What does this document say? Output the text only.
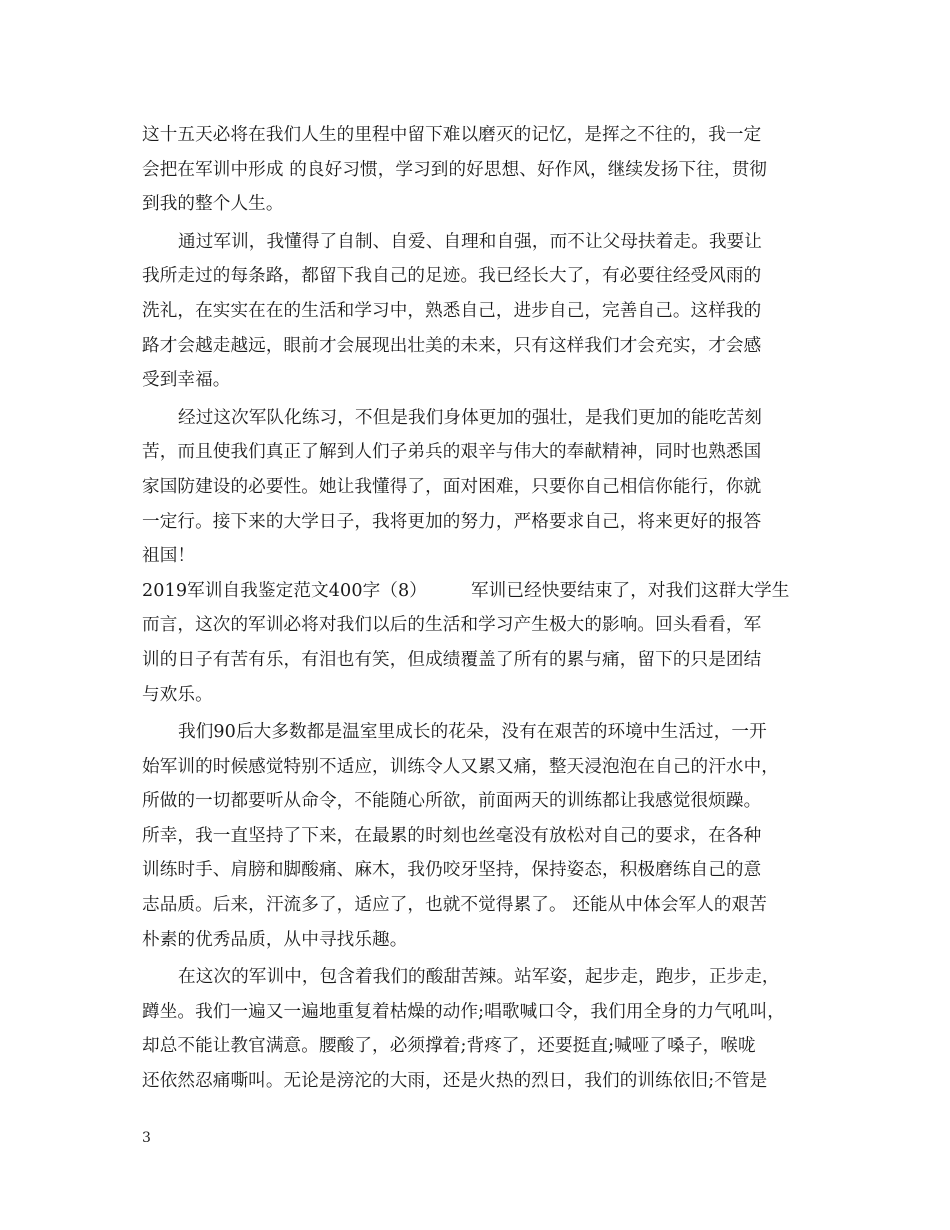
这十五天必将在我们人生的里程中留下难以磨灭的记忆，是挥之不往的，我一定
会把在军训中形成 的良好习惯，学习到的好思想、好作风，继续发扬下往，贯彻
到我的整个人生。
通过军训，我懂得了自制、自爱、自理和自强，而不让父母扶着走。我要让
我所走过的每条路，都留下我自己的足迹。我已经长大了，有必要往经受风雨的
洗礼，在实实在在的生活和学习中，熟悉自己，进步自己，完善自己。这样我的
路才会越走越远，眼前才会展现出壮美的未来，只有这样我们才会充实，才会感
受到幸福。
经过这次军队化练习，不但是我们身体更加的强壮，是我们更加的能吃苦刻
苦，而且使我们真正了解到人们子弟兵的艰辛与伟大的奉献精神，同时也熟悉国
家国防建设的必要性。她让我懂得了，面对困难，只要你自己相信你能行，你就
一定行。接下来的大学日子，我将更加的努力，严格要求自己，将来更好的报答
祖国！
2019军训自我鉴定范文400字（8）	军训已经快要结束了，对我们这群大学生
而言，这次的军训必将对我们以后的生活和学习产生极大的影响。回头看看，军
训的日子有苦有乐，有泪也有笑，但成绩覆盖了所有的累与痛，留下的只是团结
与欢乐。
我们90后大多数都是温室里成长的花朵，没有在艰苦的环境中生活过，一开
始军训的时候感觉特别不适应，训练令人又累又痛，整天浸泡泡在自己的汗水中，
所做的一切都要听从命令，不能随心所欲，前面两天的训练都让我感觉很烦躁。
所幸，我一直坚持了下来，在最累的时刻也丝毫没有放松对自己的要求，在各种
训练时手、肩膀和脚酸痛、麻木，我仍咬牙坚持，保持姿态，积极磨练自己的意
志品质。后来，汗流多了，适应了，也就不觉得累了。 还能从中体会军人的艰苦
朴素的优秀品质，从中寻找乐趣。
在这次的军训中，包含着我们的酸甜苦辣。站军姿，起步走，跑步，正步走，
蹲坐。我们一遍又一遍地重复着枯燥的动作;唱歌喊口令，我们用全身的力气吼叫，
却总不能让教官满意。腰酸了，必须撑着;背疼了，还要挺直;喊哑了嗓子，喉咙
还依然忍痛嘶叫。无论是滂沱的大雨，还是火热的烈日，我们的训练依旧;不管是
3
